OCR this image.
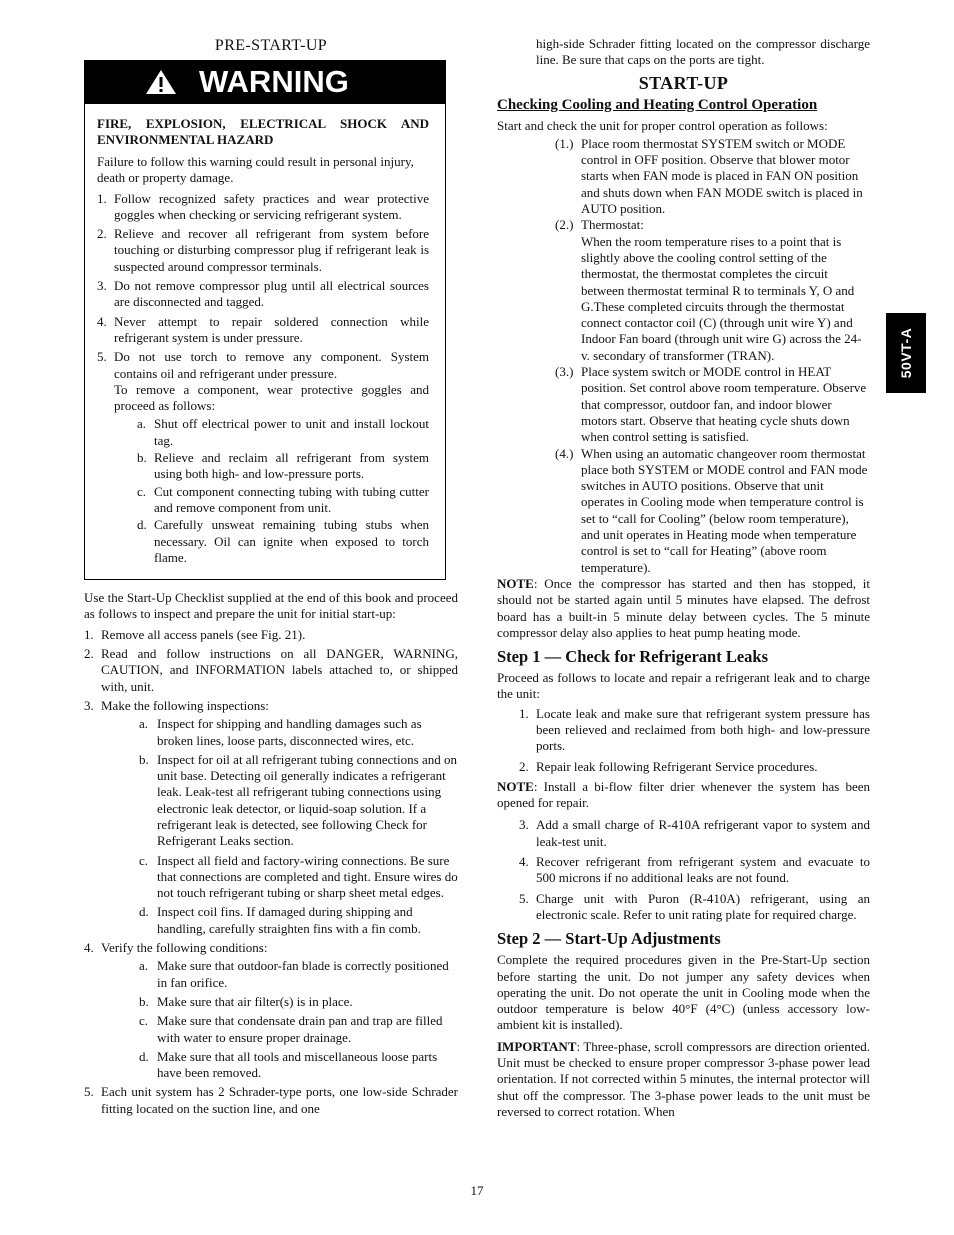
PRE-START-UP
WARNING
FIRE, EXPLOSION, ELECTRICAL SHOCK AND ENVIRONMENTAL HAZARD

Failure to follow this warning could result in personal injury, death or property damage.

1. Follow recognized safety practices and wear protective goggles when checking or servicing refrigerant system.
2. Relieve and recover all refrigerant from system before touching or disturbing compressor plug if refrigerant leak is suspected around compressor terminals.
3. Do not remove compressor plug until all electrical sources are disconnected and tagged.
4. Never attempt to repair soldered connection while refrigerant system is under pressure.
5. Do not use torch to remove any component. System contains oil and refrigerant under pressure.
To remove a component, wear protective goggles and proceed as follows:
a. Shut off electrical power to unit and install lockout tag.
b. Relieve and reclaim all refrigerant from system using both high- and low-pressure ports.
c. Cut component connecting tubing with tubing cutter and remove component from unit.
d. Carefully unsweat remaining tubing stubs when necessary. Oil can ignite when exposed to torch flame.

Use the Start-Up Checklist supplied at the end of this book and proceed as follows to inspect and prepare the unit for initial start-up:

1. Remove all access panels (see Fig. 21).
2. Read and follow instructions on all DANGER, WARNING, CAUTION, and INFORMATION labels attached to, or shipped with, unit.
3. Make the following inspections:
a. Inspect for shipping and handling damages such as broken lines, loose parts, disconnected wires, etc.
b. Inspect for oil at all refrigerant tubing connections and on unit base. Detecting oil generally indicates a refrigerant leak. Leak-test all refrigerant tubing connections using electronic leak detector, or liquid-soap solution. If a refrigerant leak is detected, see following Check for Refrigerant Leaks section.
c. Inspect all field and factory-wiring connections. Be sure that connections are completed and tight. Ensure wires do not touch refrigerant tubing or sharp sheet metal edges.
d. Inspect coil fins. If damaged during shipping and handling, carefully straighten fins with a fin comb.
4. Verify the following conditions:
a. Make sure that outdoor-fan blade is correctly positioned in fan orifice.
b. Make sure that air filter(s) is in place.
c. Make sure that condensate drain pan and trap are filled with water to ensure proper drainage.
d. Make sure that all tools and miscellaneous loose parts have been removed.
5. Each unit system has 2 Schrader-type ports, one low-side Schrader fitting located on the suction line, and one

high-side Schrader fitting located on the compressor discharge line. Be sure that caps on the ports are tight.

START-UP
Checking Cooling and Heating Control Operation

Start and check the unit for proper control operation as follows:

(1.) Place room thermostat SYSTEM switch or MODE control in OFF position. Observe that blower motor starts when FAN mode is placed in FAN ON position and shuts down when FAN MODE switch is placed in AUTO position.
(2.) Thermostat:
When the room temperature rises to a point that is slightly above the cooling control setting of the thermostat, the thermostat completes the circuit between thermostat terminal R to terminals Y, O and G.These completed circuits through the thermostat connect contactor coil (C) (through unit wire Y) and Indoor Fan board (through unit wire G) across the 24-v. secondary of transformer (TRAN).
(3.) Place system switch or MODE control in HEAT position. Set control above room temperature. Observe that compressor, outdoor fan, and indoor blower motors start. Observe that heating cycle shuts down when control setting is satisfied.
(4.) When using an automatic changeover room thermostat place both SYSTEM or MODE control and FAN mode switches in AUTO positions. Observe that unit operates in Cooling mode when temperature control is set to “call for Cooling” (below room temperature), and unit operates in Heating mode when temperature control is set to “call for Heating” (above room temperature).

NOTE: Once the compressor has started and then has stopped, it should not be started again until 5 minutes have elapsed. The defrost board has a built-in 5 minute delay between cycles. The 5 minute compressor delay also applies to heat pump heating mode.

Step 1 — Check for Refrigerant Leaks

Proceed as follows to locate and repair a refrigerant leak and to charge the unit:

1. Locate leak and make sure that refrigerant system pressure has been relieved and reclaimed from both high- and low-pressure ports.
2. Repair leak following Refrigerant Service procedures.

NOTE: Install a bi-flow filter drier whenever the system has been opened for repair.

3. Add a small charge of R-410A refrigerant vapor to system and leak-test unit.
4. Recover refrigerant from refrigerant system and evacuate to 500 microns if no additional leaks are not found.
5. Charge unit with Puron (R-410A) refrigerant, using an electronic scale. Refer to unit rating plate for required charge.
Step 2 — Start-Up Adjustments

Complete the required procedures given in the Pre-Start-Up section before starting the unit. Do not jumper any safety devices when operating the unit. Do not operate the unit in Cooling mode when the outdoor temperature is below 40°F (4°C) (unless accessory low-ambient kit is installed).

IMPORTANT: Three-phase, scroll compressors are direction oriented. Unit must be checked to ensure proper compressor 3-phase power lead orientation. If not corrected within 5 minutes, the internal protector will shut off the compressor. The 3-phase power leads to the unit must be reversed to correct rotation. When

50VT-A
17
